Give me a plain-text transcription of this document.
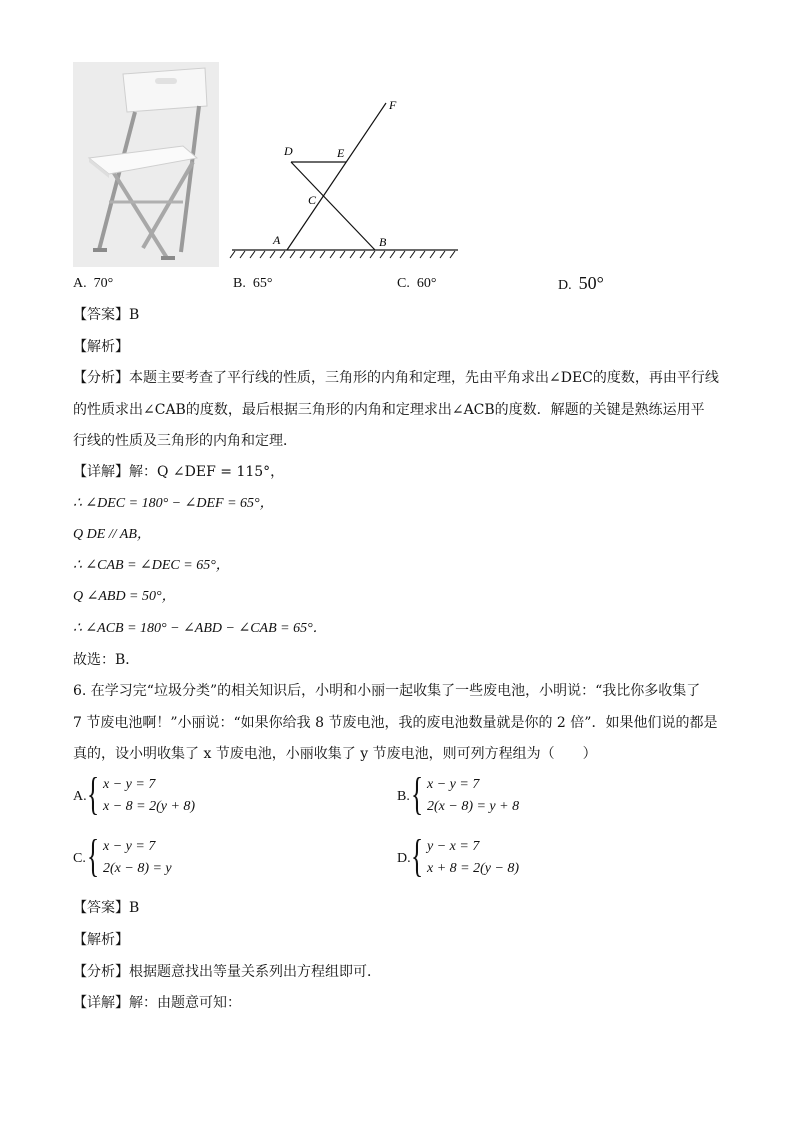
A	B
C
D	E
F
A. 70°	B. 65°	C. 60°	D. 50°
【答案】B
【解析】
【分析】本题主要考查了平行线的性质，三角形的内角和定理，先由平角求出∠DEC的度数，再由平行线
的性质求出∠CAB的度数，最后根据三角形的内角和定理求出∠ACB的度数．解题的关键是熟练运用平
行线的性质及三角形的内角和定理．
【详解】解：Q ∠DEF = 115°，
∴ ∠DEC = 180° − ∠DEF = 65°，
Q DE // AB，
∴ ∠CAB = ∠DEC = 65°，
Q ∠ABD = 50°，
∴ ∠ACB = 180° − ∠ABD − ∠CAB = 65°．
故选：B．
6. 在学习完“垃圾分类”的相关知识后，小明和小丽一起收集了一些废电池，小明说：“我比你多收集了
7 节废电池啊！”小丽说：“如果你给我 8 节废电池，我的废电池数量就是你的 2 倍”．如果他们说的都是
真的，设小明收集了 x 节废电池，小丽收集了 y 节废电池，则可列方程组为（　　）
A. { x − y = 7
x − 8 = 2(y + 8)
B. { x − y = 7
2(x − 8) = y + 8
C. { x − y = 7
2(x − 8) = y
D. { y − x = 7
x + 8 = 2(y − 8)
【答案】B
【解析】
【分析】根据题意找出等量关系列出方程组即可．
【详解】解：由题意可知：
